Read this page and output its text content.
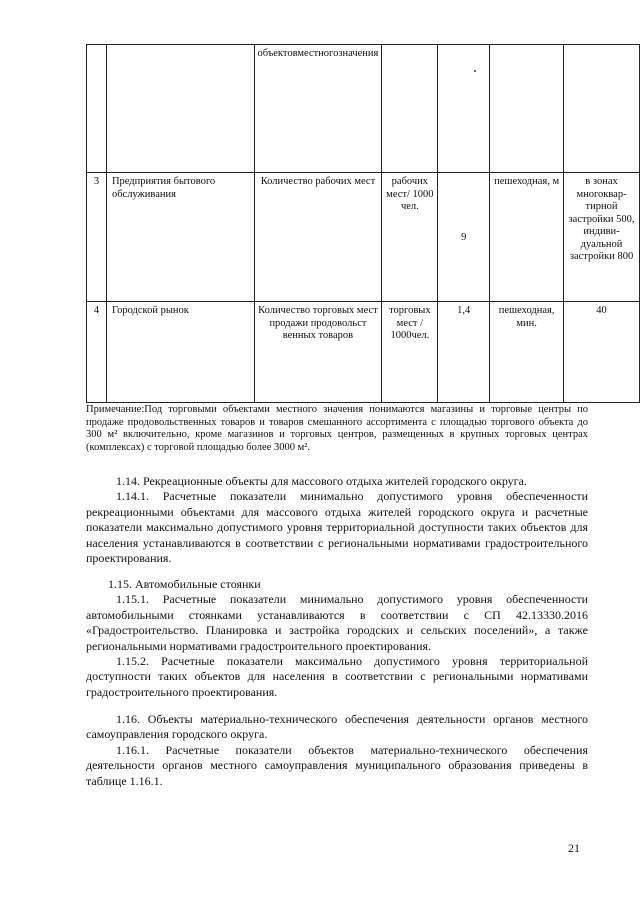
		объектовместногозначения				
3	Предприятия бытового обслуживания	Количество рабочих мест	рабочих мест/ 1000 чел.	9	пешеходная, м	в зонах многоквар-тирной застройки 500, индиви-дуальной застройки 800
4	Городской рынок	Количество торговых мест продажи продовольст венных товаров	торговых мест / 1000чел.	1,4	пешеходная, мин.	40
Примечание:Под торговыми объектами местного значения понимаются магазины и торговые центры по продаже продовольственных товаров и товаров смешанного ассортимента с площадью торгового объекта до 300 м² включительно, кроме магазинов и торговых центров, размещенных в крупных торговых центрах (комплексах) с торговой площадью более 3000 м².

1.14. Рекреационные объекты для массового отдыха жителей городского округа.

1.14.1. Расчетные показатели минимально допустимого уровня обеспеченности рекреационными объектами для массового отдыха жителей городского округа и расчетные показатели максимально допустимого уровня территориальной доступности таких объектов для населения устанавливаются в соответствии с региональными нормативами градостроительного проектирования.

1.15. Автомобильные стоянки

1.15.1. Расчетные показатели минимально допустимого уровня обеспеченности автомобильными стоянками устанавливаются в соответствии с СП 42.13330.2016 «Градостроительство. Планировка и застройка городских и сельских поселений», а также региональными нормативами градостроительного проектирования.

1.15.2. Расчетные показатели максимально допустимого уровня территориальной доступности таких объектов для населения в соответствии с региональными нормативами градостроительного проектирования.

1.16. Объекты материально-технического обеспечения деятельности органов местного самоуправления городского округа.

1.16.1. Расчетные показатели объектов материально-технического обеспечения деятельности органов местного самоуправления муниципального образования приведены в таблице 1.16.1.

21
